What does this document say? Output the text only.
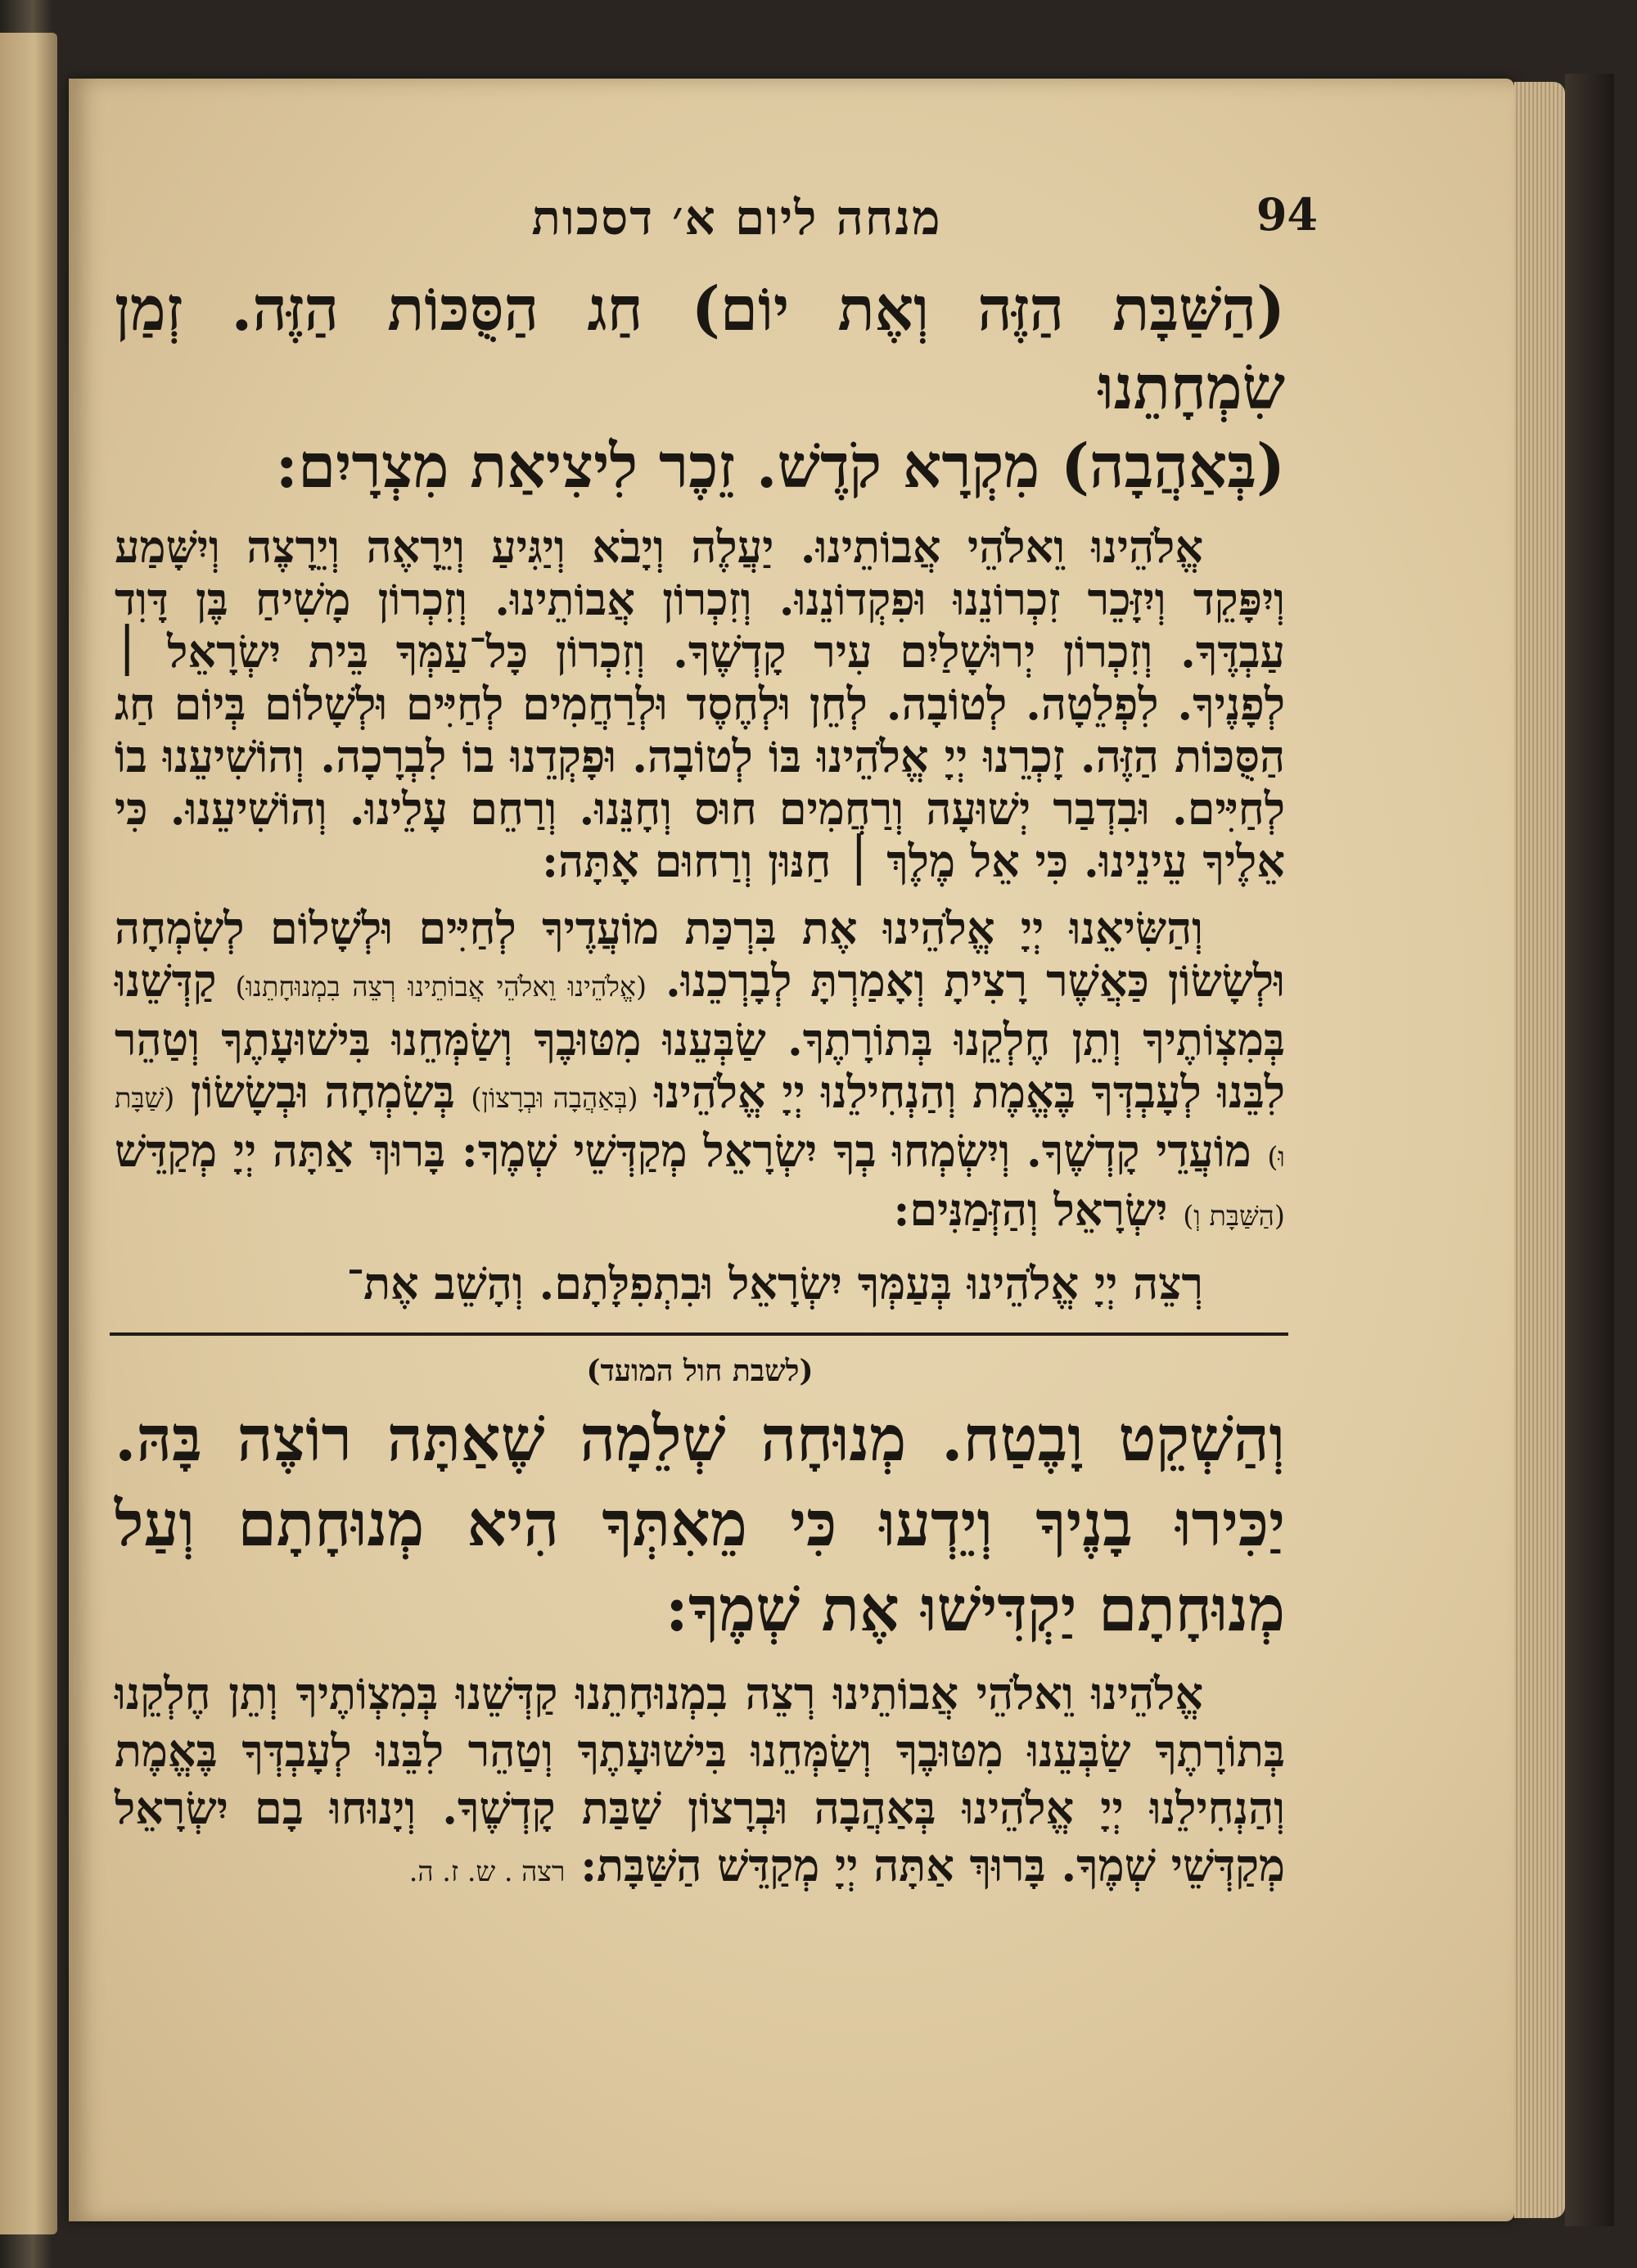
מנחה ליום א׳ דסכות	94
(הַשַּׁבָּת הַזֶּה וְאֶת יוֹם) חַג הַסֻּכּוֹת הַזֶּה. זְמַן שִׂמְחָתֵנוּ
(בְּאַהֲבָה) מִקְרָא קֹדֶשׁ. זֵכֶר לִיצִיאַת מִצְרָיִם:
אֱלֹהֵינוּ וֵאלֹהֵי אֲבוֹתֵינוּ. יַעֲלֶה וְיָבֹא וְיַגִּיעַ וְיֵרָאֶה וְיֵרָצֶה וְיִשָּׁמַע וְיִפָּקֵד וְיִזָּכֵר זִכְרוֹנֵנוּ וּפִקְדוֹנֵנוּ. וְזִכְרוֹן אֲבוֹתֵינוּ. וְזִכְרוֹן מָשִׁיחַ בֶּן דָּוִד עַבְדֶּךָ. וְזִכְרוֹן יְרוּשָׁלַיִם עִיר קָדְשֶׁךָ. וְזִכְרוֹן כָּל־עַמְּךָ בֵּית יִשְׂרָאֵל ׀ לְפָנֶיךָ. לִפְלֵטָה. לְטוֹבָה. לְחֵן וּלְחֶסֶד וּלְרַחֲמִים לְחַיִּים וּלְשָׁלוֹם בְּיוֹם חַג הַסֻּכּוֹת הַזֶּה. זָכְרֵנוּ יְיָ אֱלֹהֵינוּ בּוֹ לְטוֹבָה. וּפָקְדֵנוּ בוֹ לִבְרָכָה. וְהוֹשִׁיעֵנוּ בוֹ לְחַיִּים. וּבִדְבַר יְשׁוּעָה וְרַחֲמִים חוּס וְחָנֵּנוּ. וְרַחֵם עָלֵינוּ. וְהוֹשִׁיעֵנוּ. כִּי אֵלֶיךָ עֵינֵינוּ. כִּי אֵל מֶלֶךְ ׀ חַנּוּן וְרַחוּם אָתָּה:
וְהַשִּׂיאֵנוּ יְיָ אֱלֹהֵינוּ אֶת בִּרְכַּת מוֹעֲדֶיךָ לְחַיִּים וּלְשָׁלוֹם לְשִׂמְחָה וּלְשָׂשׂוֹן כַּאֲשֶׁר רָצִיתָ וְאָמַרְתָּ לְבָרְכֵנוּ. (אֱלֹהֵינוּ וֵאלֹהֵי אֲבוֹתֵינוּ רְצֵה בִמְנוּחָתֵנוּ) קַדְּשֵׁנוּ בְּמִצְוֹתֶיךָ וְתֵן חֶלְקֵנוּ בְּתוֹרָתֶךָ. שַׂבְּעֵנוּ מִטּוּבֶךָ וְשַׂמְּחֵנוּ בִּישׁוּעָתֶךָ וְטַהֵר לִבֵּנוּ לְעָבְדְּךָ בֶּאֱמֶת וְהַנְחִילֵנוּ יְיָ אֱלֹהֵינוּ (בְּאַהֲבָה וּבְרָצוֹן) בְּשִׂמְחָה וּבְשָׂשׂוֹן (שַׁבָּת וּ) מוֹעֲדֵי קָדְשֶׁךָ. וְיִשְׂמְחוּ בְךָ יִשְׂרָאֵל מְקַדְּשֵׁי שְׁמֶךָ: בָּרוּךְ אַתָּה יְיָ מְקַדֵּשׁ (הַשַּׁבָּת וְ) יִשְׂרָאֵל וְהַזְּמַנִּים:
רְצֵה יְיָ אֱלֹהֵינוּ בְּעַמְּךָ יִשְׂרָאֵל וּבִתְפִלָּתָם. וְהָשֵׁב אֶת־
(לשבת חול המועד)
וְהַשְׁקֵט וָבֶטַח. מְנוּחָה שְׁלֵמָה שֶׁאַתָּה רוֹצֶה בָּהּ. יַכִּירוּ בָנֶיךָ וְיֵדְעוּ כִּי מֵאִתְּךָ הִיא מְנוּחָתָם וְעַל מְנוּחָתָם יַקְדִּישׁוּ אֶת שְׁמֶךָ:
אֱלֹהֵינוּ וֵאלֹהֵי אֲבוֹתֵינוּ רְצֵה בִמְנוּחָתֵנוּ קַדְּשֵׁנוּ בְּמִצְוֹתֶיךָ וְתֵן חֶלְקֵנוּ בְּתוֹרָתֶךָ שַׂבְּעֵנוּ מִטּוּבֶךָ וְשַׂמְּחֵנוּ בִּישׁוּעָתֶךָ וְטַהֵר לִבֵּנוּ לְעָבְדְּךָ בֶּאֱמֶת וְהַנְחִילֵנוּ יְיָ אֱלֹהֵינוּ בְּאַהֲבָה וּבְרָצוֹן שַׁבַּת קָדְשֶׁךָ. וְיָנוּחוּ בָם יִשְׂרָאֵל מְקַדְּשֵׁי שְׁמֶךָ. בָּרוּךְ אַתָּה יְיָ מְקַדֵּשׁ הַשַּׁבָּת: רצה . ש. ז. ה.
